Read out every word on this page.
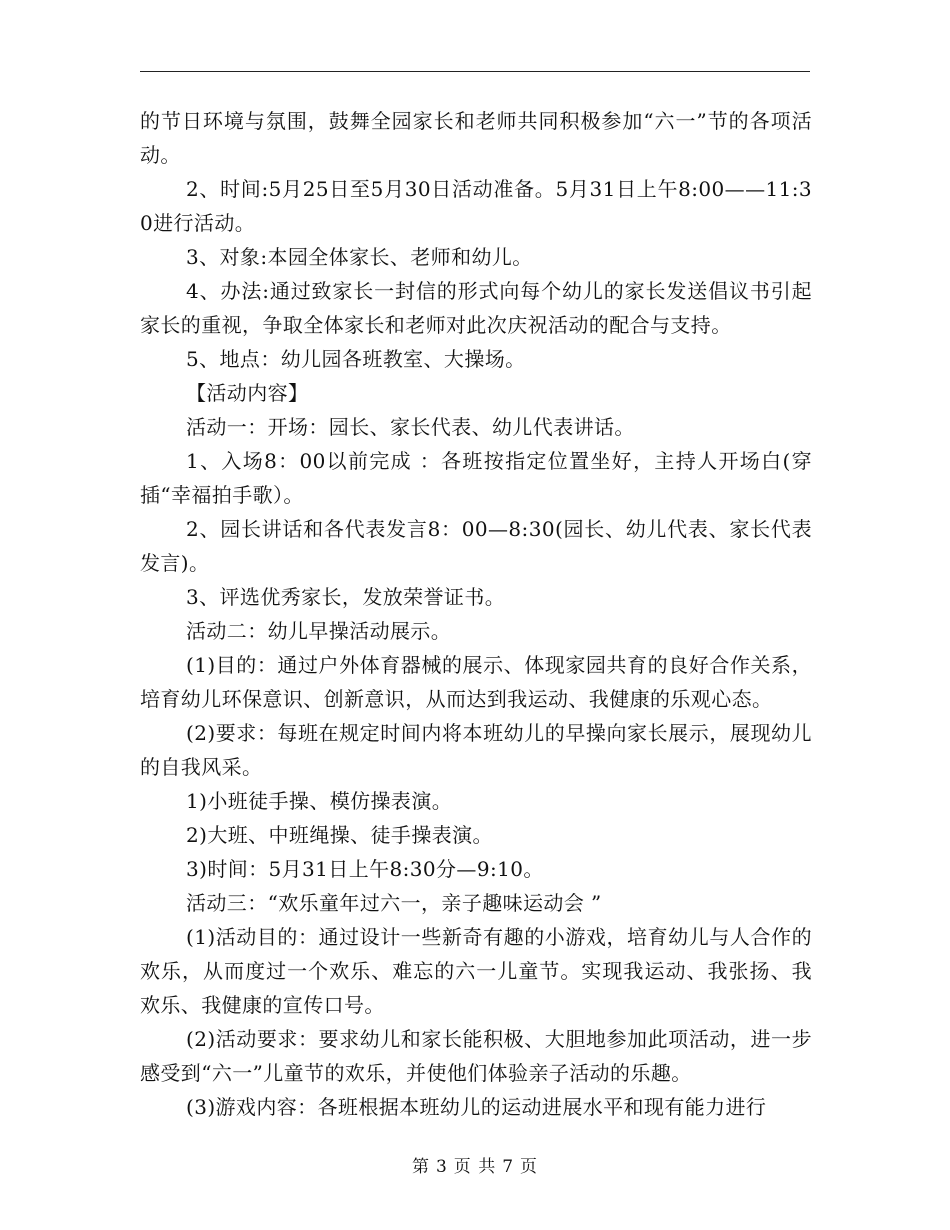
的节日环境与氛围，鼓舞全园家长和老师共同积极参加“六一”节的各项活动。

2、时间:5月25日至5月30日活动准备。5月31日上午8:00——11:30进行活动。

3、对象:本园全体家长、老师和幼儿。

4、办法:通过致家长一封信的形式向每个幼儿的家长发送倡议书引起家长的重视，争取全体家长和老师对此次庆祝活动的配合与支持。

5、地点：幼儿园各班教室、大操场。

【活动内容】

活动一：开场：园长、家长代表、幼儿代表讲话。

1、入场8：00以前完成 ：各班按指定位置坐好，主持人开场白(穿插“幸福拍手歌）。

2、园长讲话和各代表发言8：00—8:30(园长、幼儿代表、家长代表发言)。

3、评选优秀家长，发放荣誉证书。

活动二：幼儿早操活动展示。

(1)目的：通过户外体育器械的展示、体现家园共育的良好合作关系，培育幼儿环保意识、创新意识，从而达到我运动、我健康的乐观心态。

(2)要求：每班在规定时间内将本班幼儿的早操向家长展示，展现幼儿的自我风采。

1)小班徒手操、模仿操表演。

2)大班、中班绳操、徒手操表演。

3)时间：5月31日上午8:30分—9:10。

活动三：“欢乐童年过六一，亲子趣味运动会 ”

(1)活动目的：通过设计一些新奇有趣的小游戏，培育幼儿与人合作的欢乐，从而度过一个欢乐、难忘的六一儿童节。实现我运动、我张扬、我欢乐、我健康的宣传口号。

(2)活动要求：要求幼儿和家长能积极、大胆地参加此项活动，进一步感受到“六一”儿童节的欢乐，并使他们体验亲子活动的乐趣。

(3)游戏内容：各班根据本班幼儿的运动进展水平和现有能力进行

第 3 页 共 7 页
